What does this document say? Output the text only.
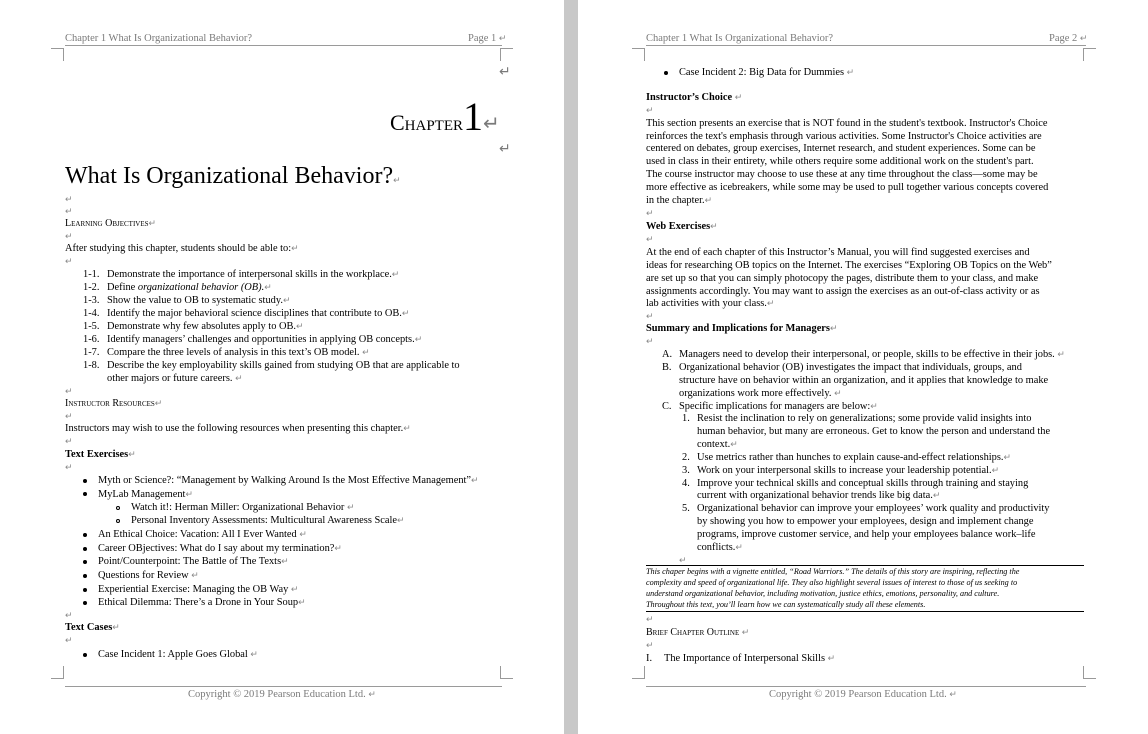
Chapter 1 What Is Organizational Behavior?	Page 1 ↵
↵
Chapter1↵
↵
What Is Organizational Behavior?↵
↵
↵
Learning Objectives↵
↵
After studying this chapter, students should be able to:↵
↵
1-1. Demonstrate the importance of interpersonal skills in the workplace.↵
1-2. Define organizational behavior (OB).↵
1-3. Show the value to OB to systematic study.↵
1-4. Identify the major behavioral science disciplines that contribute to OB.↵
1-5. Demonstrate why few absolutes apply to OB.↵
1-6. Identify managers’ challenges and opportunities in applying OB concepts.↵
1-7. Compare the three levels of analysis in this text’s OB model. ↵
1-8. Describe the key employability skills gained from studying OB that are applicable to
other majors or future careers. ↵
↵
Instructor Resources↵
↵
Instructors may wish to use the following resources when presenting this chapter.↵
↵
Text Exercises↵
↵
Myth or Science?: “Management by Walking Around Is the Most Effective Management”↵
MyLab Management↵
Watch it!: Herman Miller: Organizational Behavior ↵
Personal Inventory Assessments: Multicultural Awareness Scale↵
An Ethical Choice: Vacation: All I Ever Wanted ↵
Career OBjectives: What do I say about my termination?↵
Point/Counterpoint: The Battle of The Texts↵
Questions for Review ↵
Experiential Exercise: Managing the OB Way ↵
Ethical Dilemma: There’s a Drone in Your Soup↵
↵
Text Cases↵
↵
Case Incident 1: Apple Goes Global ↵
Copyright © 2019 Pearson Education Ltd. ↵
Chapter 1 What Is Organizational Behavior?	Page 2 ↵
Case Incident 2: Big Data for Dummies ↵
Instructor’s Choice ↵
↵
This section presents an exercise that is NOT found in the student's textbook. Instructor's Choice
reinforces the text's emphasis through various activities. Some Instructor's Choice activities are
centered on debates, group exercises, Internet research, and student experiences. Some can be
used in class in their entirety, while others require some additional work on the student's part.
The course instructor may choose to use these at any time throughout the class—some may be
more effective as icebreakers, while some may be used to pull together various concepts covered
in the chapter.↵
↵
Web Exercises↵
↵
At the end of each chapter of this Instructor’s Manual, you will find suggested exercises and
ideas for researching OB topics on the Internet. The exercises “Exploring OB Topics on the Web”
are set up so that you can simply photocopy the pages, distribute them to your class, and make
assignments accordingly. You may want to assign the exercises as an out-of-class activity or as
lab activities with your class.↵
↵
Summary and Implications for Managers↵
↵
A. Managers need to develop their interpersonal, or people, skills to be effective in their jobs. ↵
B. Organizational behavior (OB) investigates the impact that individuals, groups, and
structure have on behavior within an organization, and it applies that knowledge to make
organizations work more effectively. ↵
C. Specific implications for managers are below:↵
1. Resist the inclination to rely on generalizations; some provide valid insights into
human behavior, but many are erroneous. Get to know the person and understand the
context.↵
2. Use metrics rather than hunches to explain cause-and-effect relationships.↵
3. Work on your interpersonal skills to increase your leadership potential.↵
4. Improve your technical skills and conceptual skills through training and staying
current with organizational behavior trends like big data.↵
5. Organizational behavior can improve your employees’ work quality and productivity
by showing you how to empower your employees, design and implement change
programs, improve customer service, and help your employees balance work–life
conflicts.↵
↵
This chaper begins with a vignette entitled, “Road Warriors.” The details of this story are inspiring, reflecting the
complexity and speed of organizational life. They also highlight several issues of interest to those of us seeking to
understand organizational behavior, including motivation, justice ethics, emotions, personality, and culture.
Throughout this text, you’ll learn how we can systematically study all these elements.
↵
Brief Chapter Outline ↵
↵
I. The Importance of Interpersonal Skills ↵
Copyright © 2019 Pearson Education Ltd. ↵
